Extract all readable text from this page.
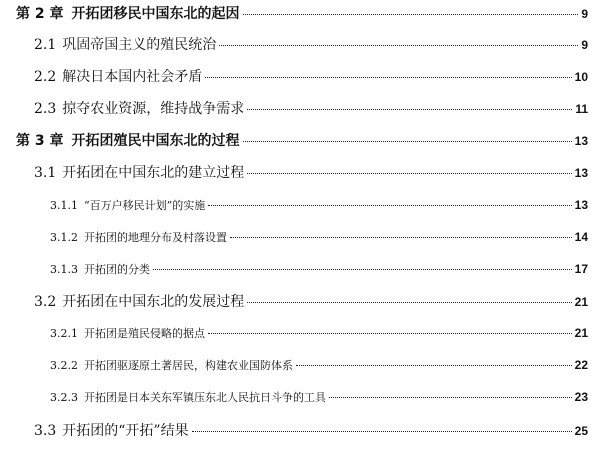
第 2 章 开拓团移民中国东北的起因	9
2.1 巩固帝国主义的殖民统治	9
2.2 解决日本国内社会矛盾	10
2.3 掠夺农业资源，维持战争需求	11
第 3 章 开拓团殖民中国东北的过程	13
3.1 开拓团在中国东北的建立过程	13
3.1.1 “百万户移民计划”的实施	13
3.1.2 开拓团的地理分布及村落设置	14
3.1.3 开拓团的分类	17
3.2 开拓团在中国东北的发展过程	21
3.2.1 开拓团是殖民侵略的据点	21
3.2.2 开拓团驱逐原土著居民，构建农业国防体系	22
3.2.3 开拓团是日本关东军镇压东北人民抗日斗争的工具	23
3.3 开拓团的“开拓”结果	25
